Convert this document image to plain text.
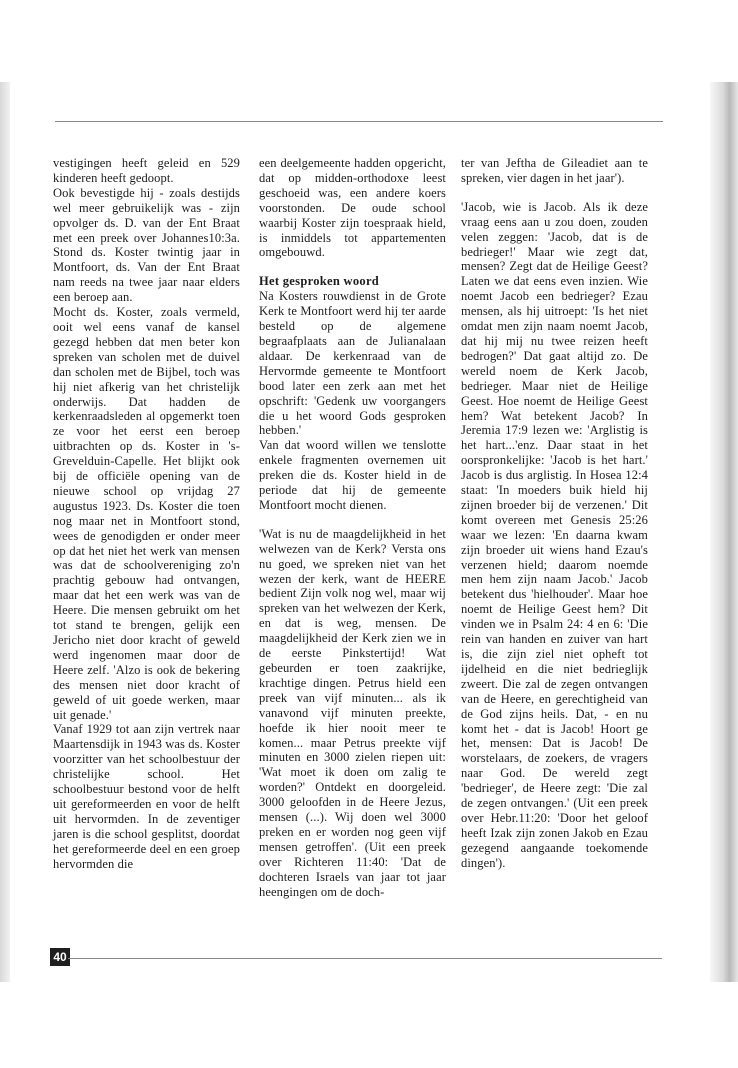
vestigingen heeft geleid en 529 kinderen heeft gedoopt.

Ook bevestigde hij - zoals destijds wel meer gebruikelijk was - zijn opvolger ds. D. van der Ent Braat met een preek over Johannes10:3a. Stond ds. Koster twintig jaar in Montfoort, ds. Van der Ent Braat nam reeds na twee jaar naar elders een beroep aan.

Mocht ds. Koster, zoals vermeld, ooit wel eens vanaf de kansel gezegd hebben dat men beter kon spreken van scholen met de duivel dan scholen met de Bijbel, toch was hij niet afkerig van het christelijk onderwijs. Dat hadden de kerkenraadsleden al opgemerkt toen ze voor het eerst een beroep uitbrachten op ds. Koster in 's-Grevelduin-Capelle. Het blijkt ook bij de officiële opening van de nieuwe school op vrijdag 27 augustus 1923. Ds. Koster die toen nog maar net in Montfoort stond, wees de genodigden er onder meer op dat het niet het werk van mensen was dat de schoolvereniging zo'n prachtig gebouw had ontvangen, maar dat het een werk was van de Heere. Die mensen gebruikt om het tot stand te brengen, gelijk een Jericho niet door kracht of geweld werd ingenomen maar door de Heere zelf. 'Alzo is ook de bekering des mensen niet door kracht of geweld of uit goede werken, maar uit genade.'

Vanaf 1929 tot aan zijn vertrek naar Maartensdijk in 1943 was ds. Koster voorzitter van het schoolbestuur der christelijke school. Het schoolbestuur bestond voor de helft uit gereformeerden en voor de helft uit hervormden. In de zeventiger jaren is die school gesplitst, doordat het gereformeerde deel en een groep hervormden die

een deelgemeente hadden opgericht, dat op midden-orthodoxe leest geschoeid was, een andere koers voorstonden. De oude school waarbij Koster zijn toespraak hield, is inmiddels tot appartementen omgebouwd.

Het gesproken woord

Na Kosters rouwdienst in de Grote Kerk te Montfoort werd hij ter aarde besteld op de algemene begraafplaats aan de Julianalaan aldaar. De kerkenraad van de Hervormde gemeente te Montfoort bood later een zerk aan met het opschrift: 'Gedenk uw voorgangers die u het woord Gods gesproken hebben.'

Van dat woord willen we tenslotte enkele fragmenten overnemen uit preken die ds. Koster hield in de periode dat hij de gemeente Montfoort mocht dienen.

'Wat is nu de maagdelijkheid in het welwezen van de Kerk? Versta ons nu goed, we spreken niet van het wezen der kerk, want de HEERE bedient Zijn volk nog wel, maar wij spreken van het welwezen der Kerk, en dat is weg, mensen. De maagdelijkheid der Kerk zien we in de eerste Pinkstertijd! Wat gebeurden er toen zaakrijke, krachtige dingen. Petrus hield een preek van vijf minuten... als ik vanavond vijf minuten preekte, hoefde ik hier nooit meer te komen... maar Petrus preekte vijf minuten en 3000 zielen riepen uit: 'Wat moet ik doen om zalig te worden?' Ontdekt en doorgeleid. 3000 geloofden in de Heere Jezus, mensen (...). Wij doen wel 3000 preken en er worden nog geen vijf mensen getroffen'. (Uit een preek over Richteren 11:40: 'Dat de dochteren Israels van jaar tot jaar heengingen om de doch-

ter van Jeftha de Gileadiet aan te spreken, vier dagen in het jaar').

'Jacob, wie is Jacob. Als ik deze vraag eens aan u zou doen, zouden velen zeggen: 'Jacob, dat is de bedrieger!' Maar wie zegt dat, mensen? Zegt dat de Heilige Geest? Laten we dat eens even inzien. Wie noemt Jacob een bedrieger? Ezau mensen, als hij uitroept: 'Is het niet omdat men zijn naam noemt Jacob, dat hij mij nu twee reizen heeft bedrogen?' Dat gaat altijd zo. De wereld noem de Kerk Jacob, bedrieger. Maar niet de Heilige Geest. Hoe noemt de Heilige Geest hem? Wat betekent Jacob? In Jeremia 17:9 lezen we: 'Arglistig is het hart...'enz. Daar staat in het oorspronkelijke: 'Jacob is het hart.' Jacob is dus arglistig. In Hosea 12:4 staat: 'In moeders buik hield hij zijnen broeder bij de verzenen.' Dit komt overeen met Genesis 25:26 waar we lezen: 'En daarna kwam zijn broeder uit wiens hand Ezau's verzenen hield; daarom noemde men hem zijn naam Jacob.' Jacob betekent dus 'hielhouder'. Maar hoe noemt de Heilige Geest hem? Dit vinden we in Psalm 24: 4 en 6: 'Die rein van handen en zuiver van hart is, die zijn ziel niet opheft tot ijdelheid en die niet bedrieglijk zweert. Die zal de zegen ontvangen van de Heere, en gerechtigheid van de God zijns heils. Dat, - en nu komt het - dat is Jacob! Hoort ge het, mensen: Dat is Jacob! De worstelaars, de zoekers, de vragers naar God. De wereld zegt 'bedrieger', de Heere zegt: 'Die zal de zegen ontvangen.' (Uit een preek over Hebr.11:20: 'Door het geloof heeft Izak zijn zonen Jakob en Ezau gezegend aangaande toekomende dingen').

40
